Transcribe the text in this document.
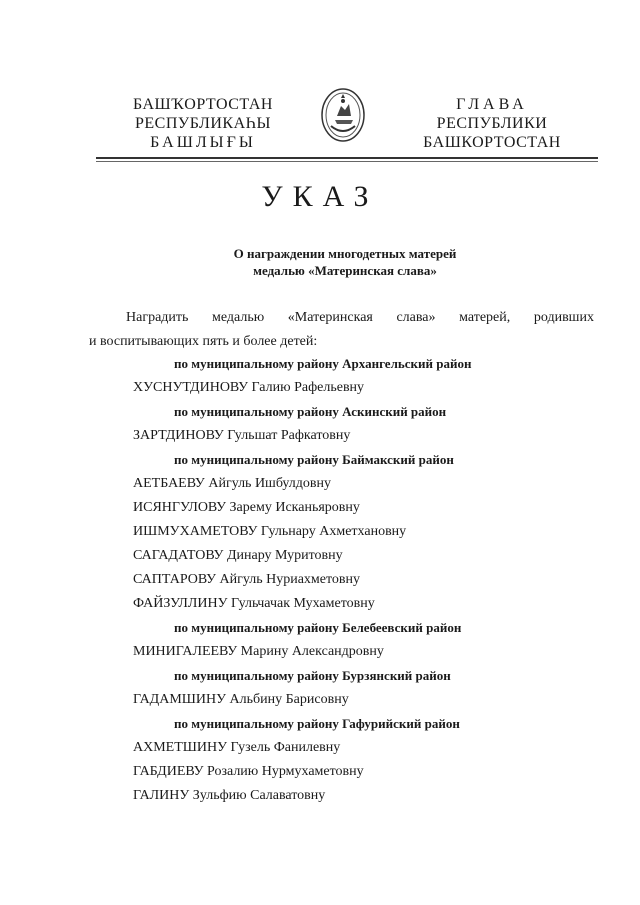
БАШҠОРТОСТАН
РЕСПУБЛИКАҺЫ
БАШЛЫҒЫ
ГЛАВА
РЕСПУБЛИКИ
БАШКОРТОСТАН
УКАЗ
О награждении многодетных матерей
медалью «Материнская слава»
Наградить медалью «Материнская слава» матерей, родивших
и воспитывающих пять и более детей:
по муниципальному району Архангельский район
ХУСНУТДИНОВУ Галию Рафельевну
по муниципальному району Аскинский район
ЗАРТДИНОВУ Гульшат Рафкатовну
по муниципальному району Баймакский район
АЕТБАЕВУ Айгуль Ишбулдовну
ИСЯНГУЛОВУ Зарему Исканьяровну
ИШМУХАМЕТОВУ Гульнару Ахметхановну
САГАДАТОВУ Динару Муритовну
САПТАРОВУ Айгуль Нуриахметовну
ФАЙЗУЛЛИНУ Гульчачак Мухаметовну
по муниципальному району Белебеевский район
МИНИГАЛЕЕВУ Марину Александровну
по муниципальному району Бурзянский район
ГАДАМШИНУ Альбину Барисовну
по муниципальному району Гафурийский район
АХМЕТШИНУ Гузель Фанилевну
ГАБДИЕВУ Розалию Нурмухаметовну
ГАЛИНУ Зульфию Салаватовну
